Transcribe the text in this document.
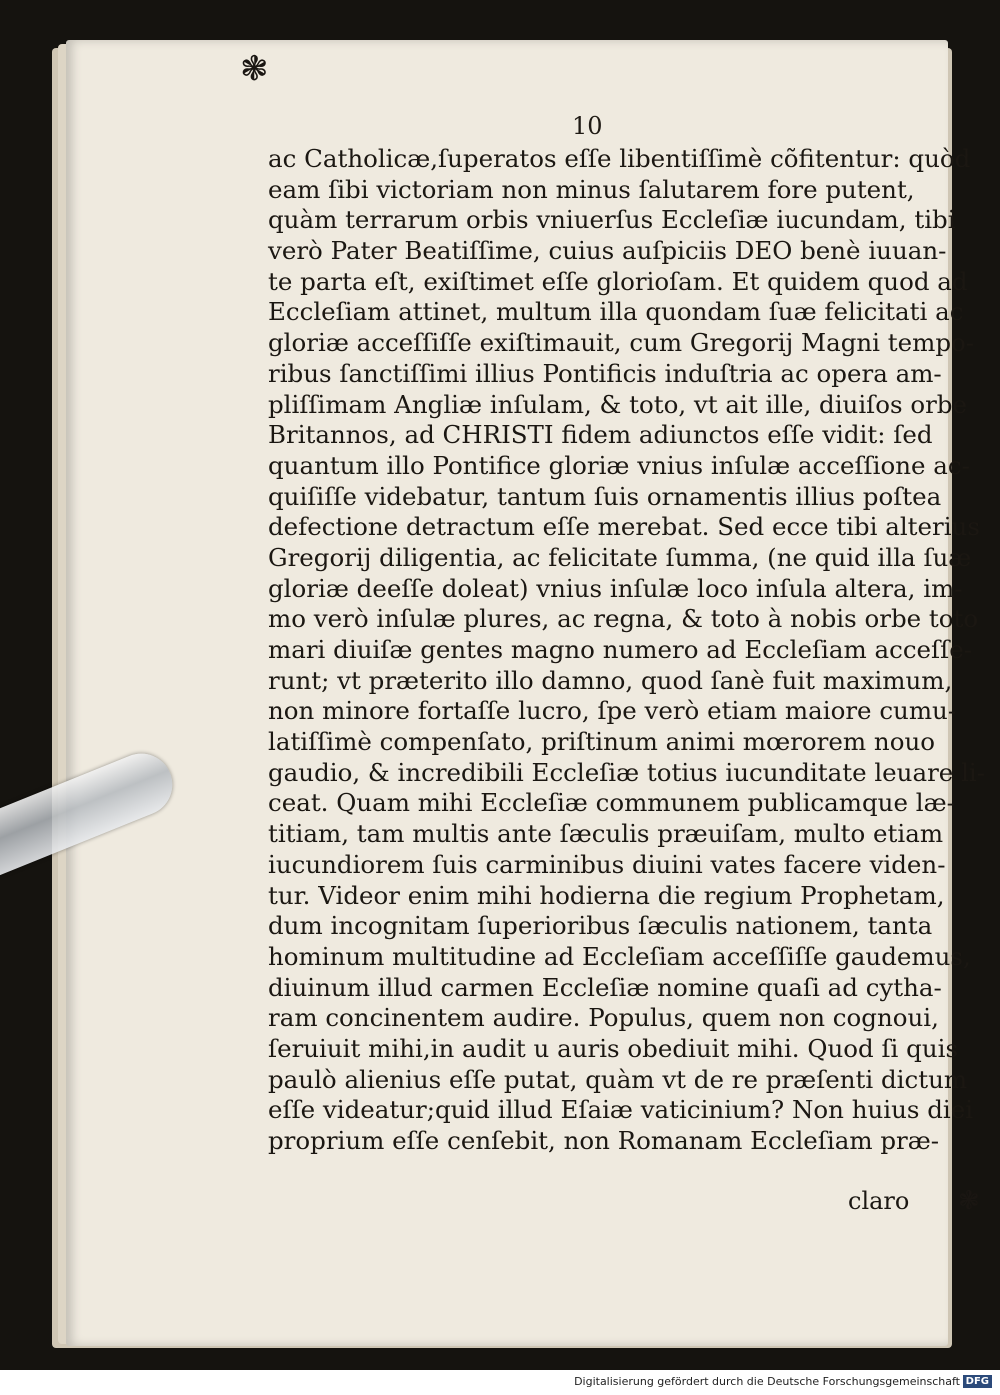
❃
10
ac Catholicæ,ſuperatos eſſe libentiſſimè cõfitentur: quòd
eam ſibi victoriam non minus ſalutarem fore putent,
quàm terrarum orbis vniuerſus Eccleſiæ iucundam, tibi
verò Pater Beatiſſime, cuius auſpiciis DEO benè iuuan-
te parta eſt, exiſtimet eſſe glorioſam. Et quidem quod ad
Eccleſiam attinet, multum illa quondam ſuæ felicitati ac
gloriæ acceſſiſſe exiſtimauit, cum Gregorij Magni tempo-
ribus ſanctiſſimi illius Pontificis induſtria ac opera am-
pliſſimam Angliæ inſulam, & toto, vt ait ille, diuiſos orbe
Britannos, ad CHRISTI fidem adiunctos eſſe vidit: ſed
quantum illo Pontifice gloriæ vnius inſulæ acceſſione ac-
quiſiſſe videbatur, tantum ſuis ornamentis illius poſtea
defectione detractum eſſe merebat. Sed ecce tibi alterius
Gregorij diligentia, ac felicitate ſumma, (ne quid illa ſuæ
gloriæ deeſſe doleat) vnius inſulæ loco inſula altera, im-
mo verò inſulæ plures, ac regna, & toto à nobis orbe toto
mari diuiſæ gentes magno numero ad Eccleſiam acceſſe-
runt; vt præterito illo damno, quod ſanè fuit maximum,
non minore fortaſſe lucro, ſpe verò etiam maiore cumu-
latiſſimè compenſato, priſtinum animi mœrorem nouo
gaudio, & incredibili Eccleſiæ totius iucunditate leuare li-
ceat. Quam mihi Eccleſiæ communem publicamque læ-
titiam, tam multis ante ſæculis præuiſam, multo etiam
iucundiorem ſuis carminibus diuini vates facere viden-
tur. Videor enim mihi hodierna die regium Prophetam,
dum incognitam ſuperioribus ſæculis nationem, tanta
hominum multitudine ad Eccleſiam acceſſiſſe gaudemus,
diuinum illud carmen Eccleſiæ nomine quaſi ad cytha-
ram concinentem audire. Populus, quem non cognoui,
ſeruiuit mihi,in audit u auris obediuit mihi. Quod ſi quis
paulò alienius eſſe putat, quàm vt de re præſenti dictum
eſſe videatur;quid illud Eſaiæ vaticinium? Non huius diei
proprium eſſe cenſebit, non Romanam Eccleſiam præ-
claro ❃
Digitalisierung gefördert durch die Deutsche Forschungsgemeinschaft DFG
